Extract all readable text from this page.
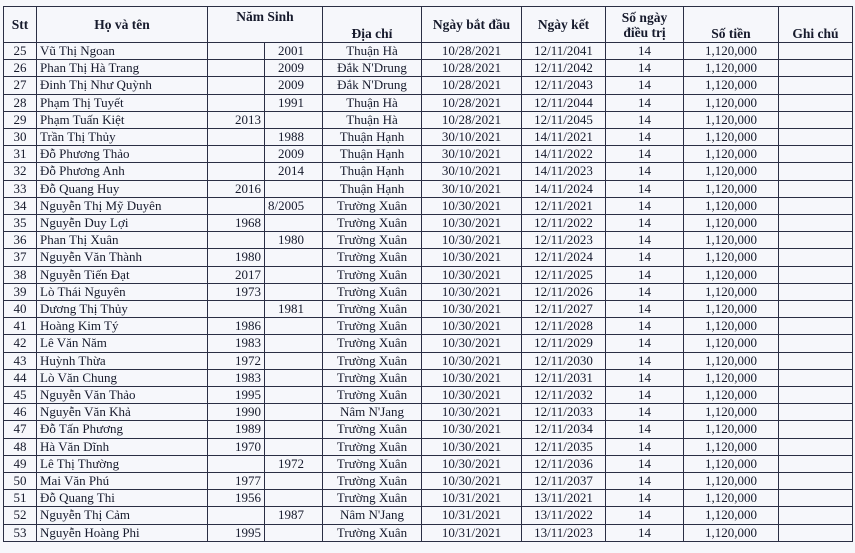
Stt	Họ và tên	Năm Sinh		Địa chỉ	Ngày bắt đầu	Ngày kết	Số ngày điều trị	Số tiền	Ghi chú
25	Vũ Thị Ngoan		2001	Thuận Hà	10/28/2021	12/11/2041	14	1,120,000	
26	Phan Thị Hà Trang		2009	Đắk N'Drung	10/28/2021	12/11/2042	14	1,120,000	
27	Đinh Thị Như Quỳnh		2009	Đắk N'Drung	10/28/2021	12/11/2043	14	1,120,000	
28	Phạm Thị Tuyết		1991	Thuận Hà	10/28/2021	12/11/2044	14	1,120,000	
29	Phạm Tuấn Kiệt	2013		Thuận Hà	10/28/2021	12/11/2045	14	1,120,000	
30	Trần Thị Thủy		1988	Thuận Hạnh	30/10/2021	14/11/2021	14	1,120,000	
31	Đỗ Phương Thảo		2009	Thuận Hạnh	30/10/2021	14/11/2022	14	1,120,000	
32	Đỗ Phương Anh		2014	Thuận Hạnh	30/10/2021	14/11/2023	14	1,120,000	
33	Đỗ Quang Huy	2016		Thuận Hạnh	30/10/2021	14/11/2024	14	1,120,000	
34	Nguyễn Thị Mỹ Duyên		8/2005	Trường Xuân	10/30/2021	12/11/2021	14	1,120,000	
35	Nguyễn Duy Lợi	1968		Trường Xuân	10/30/2021	12/11/2022	14	1,120,000	
36	Phan Thị Xuân		1980	Trường Xuân	10/30/2021	12/11/2023	14	1,120,000	
37	Nguyễn Văn Thành	1980		Trường Xuân	10/30/2021	12/11/2024	14	1,120,000	
38	Nguyễn Tiến Đạt	2017		Trường Xuân	10/30/2021	12/11/2025	14	1,120,000	
39	Lò Thái Nguyên	1973		Trường Xuân	10/30/2021	12/11/2026	14	1,120,000	
40	Dương Thị Thủy		1981	Trường Xuân	10/30/2021	12/11/2027	14	1,120,000	
41	Hoàng Kim Tý	1986		Trường Xuân	10/30/2021	12/11/2028	14	1,120,000	
42	Lê Văn Năm	1983		Trường Xuân	10/30/2021	12/11/2029	14	1,120,000	
43	Huỳnh Thừa	1972		Trường Xuân	10/30/2021	12/11/2030	14	1,120,000	
44	Lò Văn Chung	1983		Trường Xuân	10/30/2021	12/11/2031	14	1,120,000	
45	Nguyễn Văn Thảo	1995		Trường Xuân	10/30/2021	12/11/2032	14	1,120,000	
46	Nguyễn Văn Khả	1990		Nâm N'Jang	10/30/2021	12/11/2033	14	1,120,000	
47	Đỗ Tấn Phương	1989		Trường Xuân	10/30/2021	12/11/2034	14	1,120,000	
48	Hà Văn Dĩnh	1970		Trường Xuân	10/30/2021	12/11/2035	14	1,120,000	
49	Lê Thị Thường		1972	Trường Xuân	10/30/2021	12/11/2036	14	1,120,000	
50	Mai Văn Phú	1977		Trường Xuân	10/30/2021	12/11/2037	14	1,120,000	
51	Đỗ Quang Thi	1956		Trường Xuân	10/31/2021	13/11/2021	14	1,120,000	
52	Nguyễn Thị Cảm		1987	Nâm N'Jang	10/31/2021	13/11/2022	14	1,120,000	
53	Nguyễn Hoàng Phi	1995		Trường Xuân	10/31/2021	13/11/2023	14	1,120,000	
